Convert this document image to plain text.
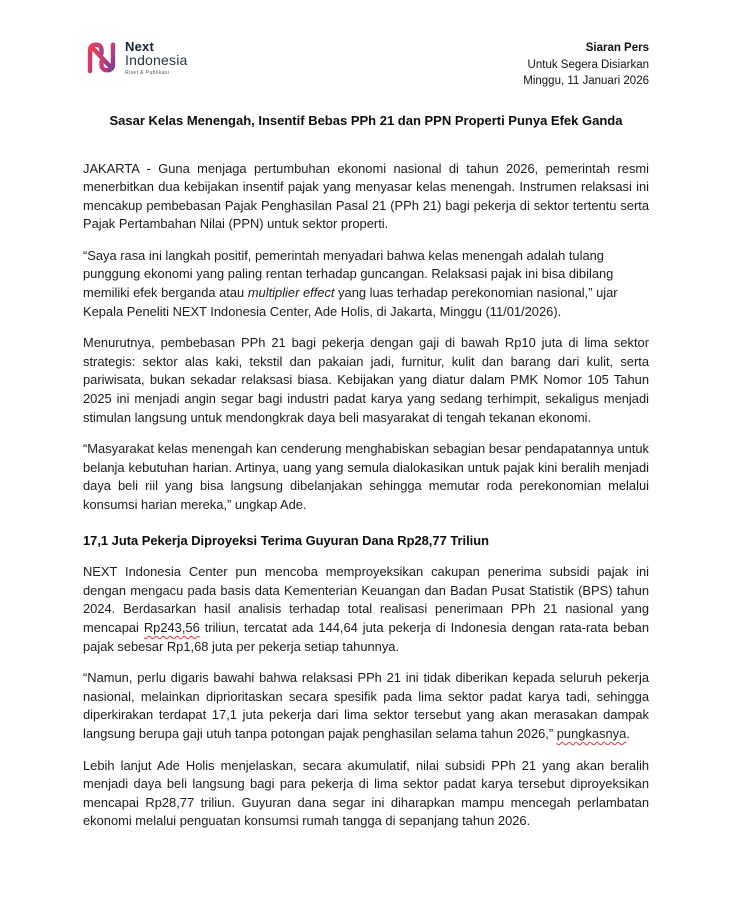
Next
Indonesia
Riset & Publikasi
Siaran Pers
Untuk Segera Disiarkan
Minggu, 11 Januari 2026
Sasar Kelas Menengah, Insentif Bebas PPh 21 dan PPN Properti Punya Efek Ganda

JAKARTA - Guna menjaga pertumbuhan ekonomi nasional di tahun 2026, pemerintah resmi menerbitkan dua kebijakan insentif pajak yang menyasar kelas menengah. Instrumen relaksasi ini mencakup pembebasan Pajak Penghasilan Pasal 21 (PPh 21) bagi pekerja di sektor tertentu serta Pajak Pertambahan Nilai (PPN) untuk sektor properti.

“Saya rasa ini langkah positif, pemerintah menyadari bahwa kelas menengah adalah tulang punggung ekonomi yang paling rentan terhadap guncangan. Relaksasi pajak ini bisa dibilang memiliki efek berganda atau multiplier effect yang luas terhadap perekonomian nasional,” ujar Kepala Peneliti NEXT Indonesia Center, Ade Holis, di Jakarta, Minggu (11/01/2026).

Menurutnya, pembebasan PPh 21 bagi pekerja dengan gaji di bawah Rp10 juta di lima sektor strategis: sektor alas kaki, tekstil dan pakaian jadi, furnitur, kulit dan barang dari kulit, serta pariwisata, bukan sekadar relaksasi biasa. Kebijakan yang diatur dalam PMK Nomor 105 Tahun 2025 ini menjadi angin segar bagi industri padat karya yang sedang terhimpit, sekaligus menjadi stimulan langsung untuk mendongkrak daya beli masyarakat di tengah tekanan ekonomi.

“Masyarakat kelas menengah kan cenderung menghabiskan sebagian besar pendapatannya untuk belanja kebutuhan harian. Artinya, uang yang semula dialokasikan untuk pajak kini beralih menjadi daya beli riil yang bisa langsung dibelanjakan sehingga memutar roda perekonomian melalui konsumsi harian mereka,” ungkap Ade.

17,1 Juta Pekerja Diproyeksi Terima Guyuran Dana Rp28,77 Triliun

NEXT Indonesia Center pun mencoba memproyeksikan cakupan penerima subsidi pajak ini dengan mengacu pada basis data Kementerian Keuangan dan Badan Pusat Statistik (BPS) tahun 2024. Berdasarkan hasil analisis terhadap total realisasi penerimaan PPh 21 nasional yang mencapai Rp243,56 triliun, tercatat ada 144,64 juta pekerja di Indonesia dengan rata-rata beban pajak sebesar Rp1,68 juta per pekerja setiap tahunnya.

“Namun, perlu digaris bawahi bahwa relaksasi PPh 21 ini tidak diberikan kepada seluruh pekerja nasional, melainkan diprioritaskan secara spesifik pada lima sektor padat karya tadi, sehingga diperkirakan terdapat 17,1 juta pekerja dari lima sektor tersebut yang akan merasakan dampak langsung berupa gaji utuh tanpa potongan pajak penghasilan selama tahun 2026,” pungkasnya.

Lebih lanjut Ade Holis menjelaskan, secara akumulatif, nilai subsidi PPh 21 yang akan beralih menjadi daya beli langsung bagi para pekerja di lima sektor padat karya tersebut diproyeksikan mencapai Rp28,77 triliun. Guyuran dana segar ini diharapkan mampu mencegah perlambatan ekonomi melalui penguatan konsumsi rumah tangga di sepanjang tahun 2026.
